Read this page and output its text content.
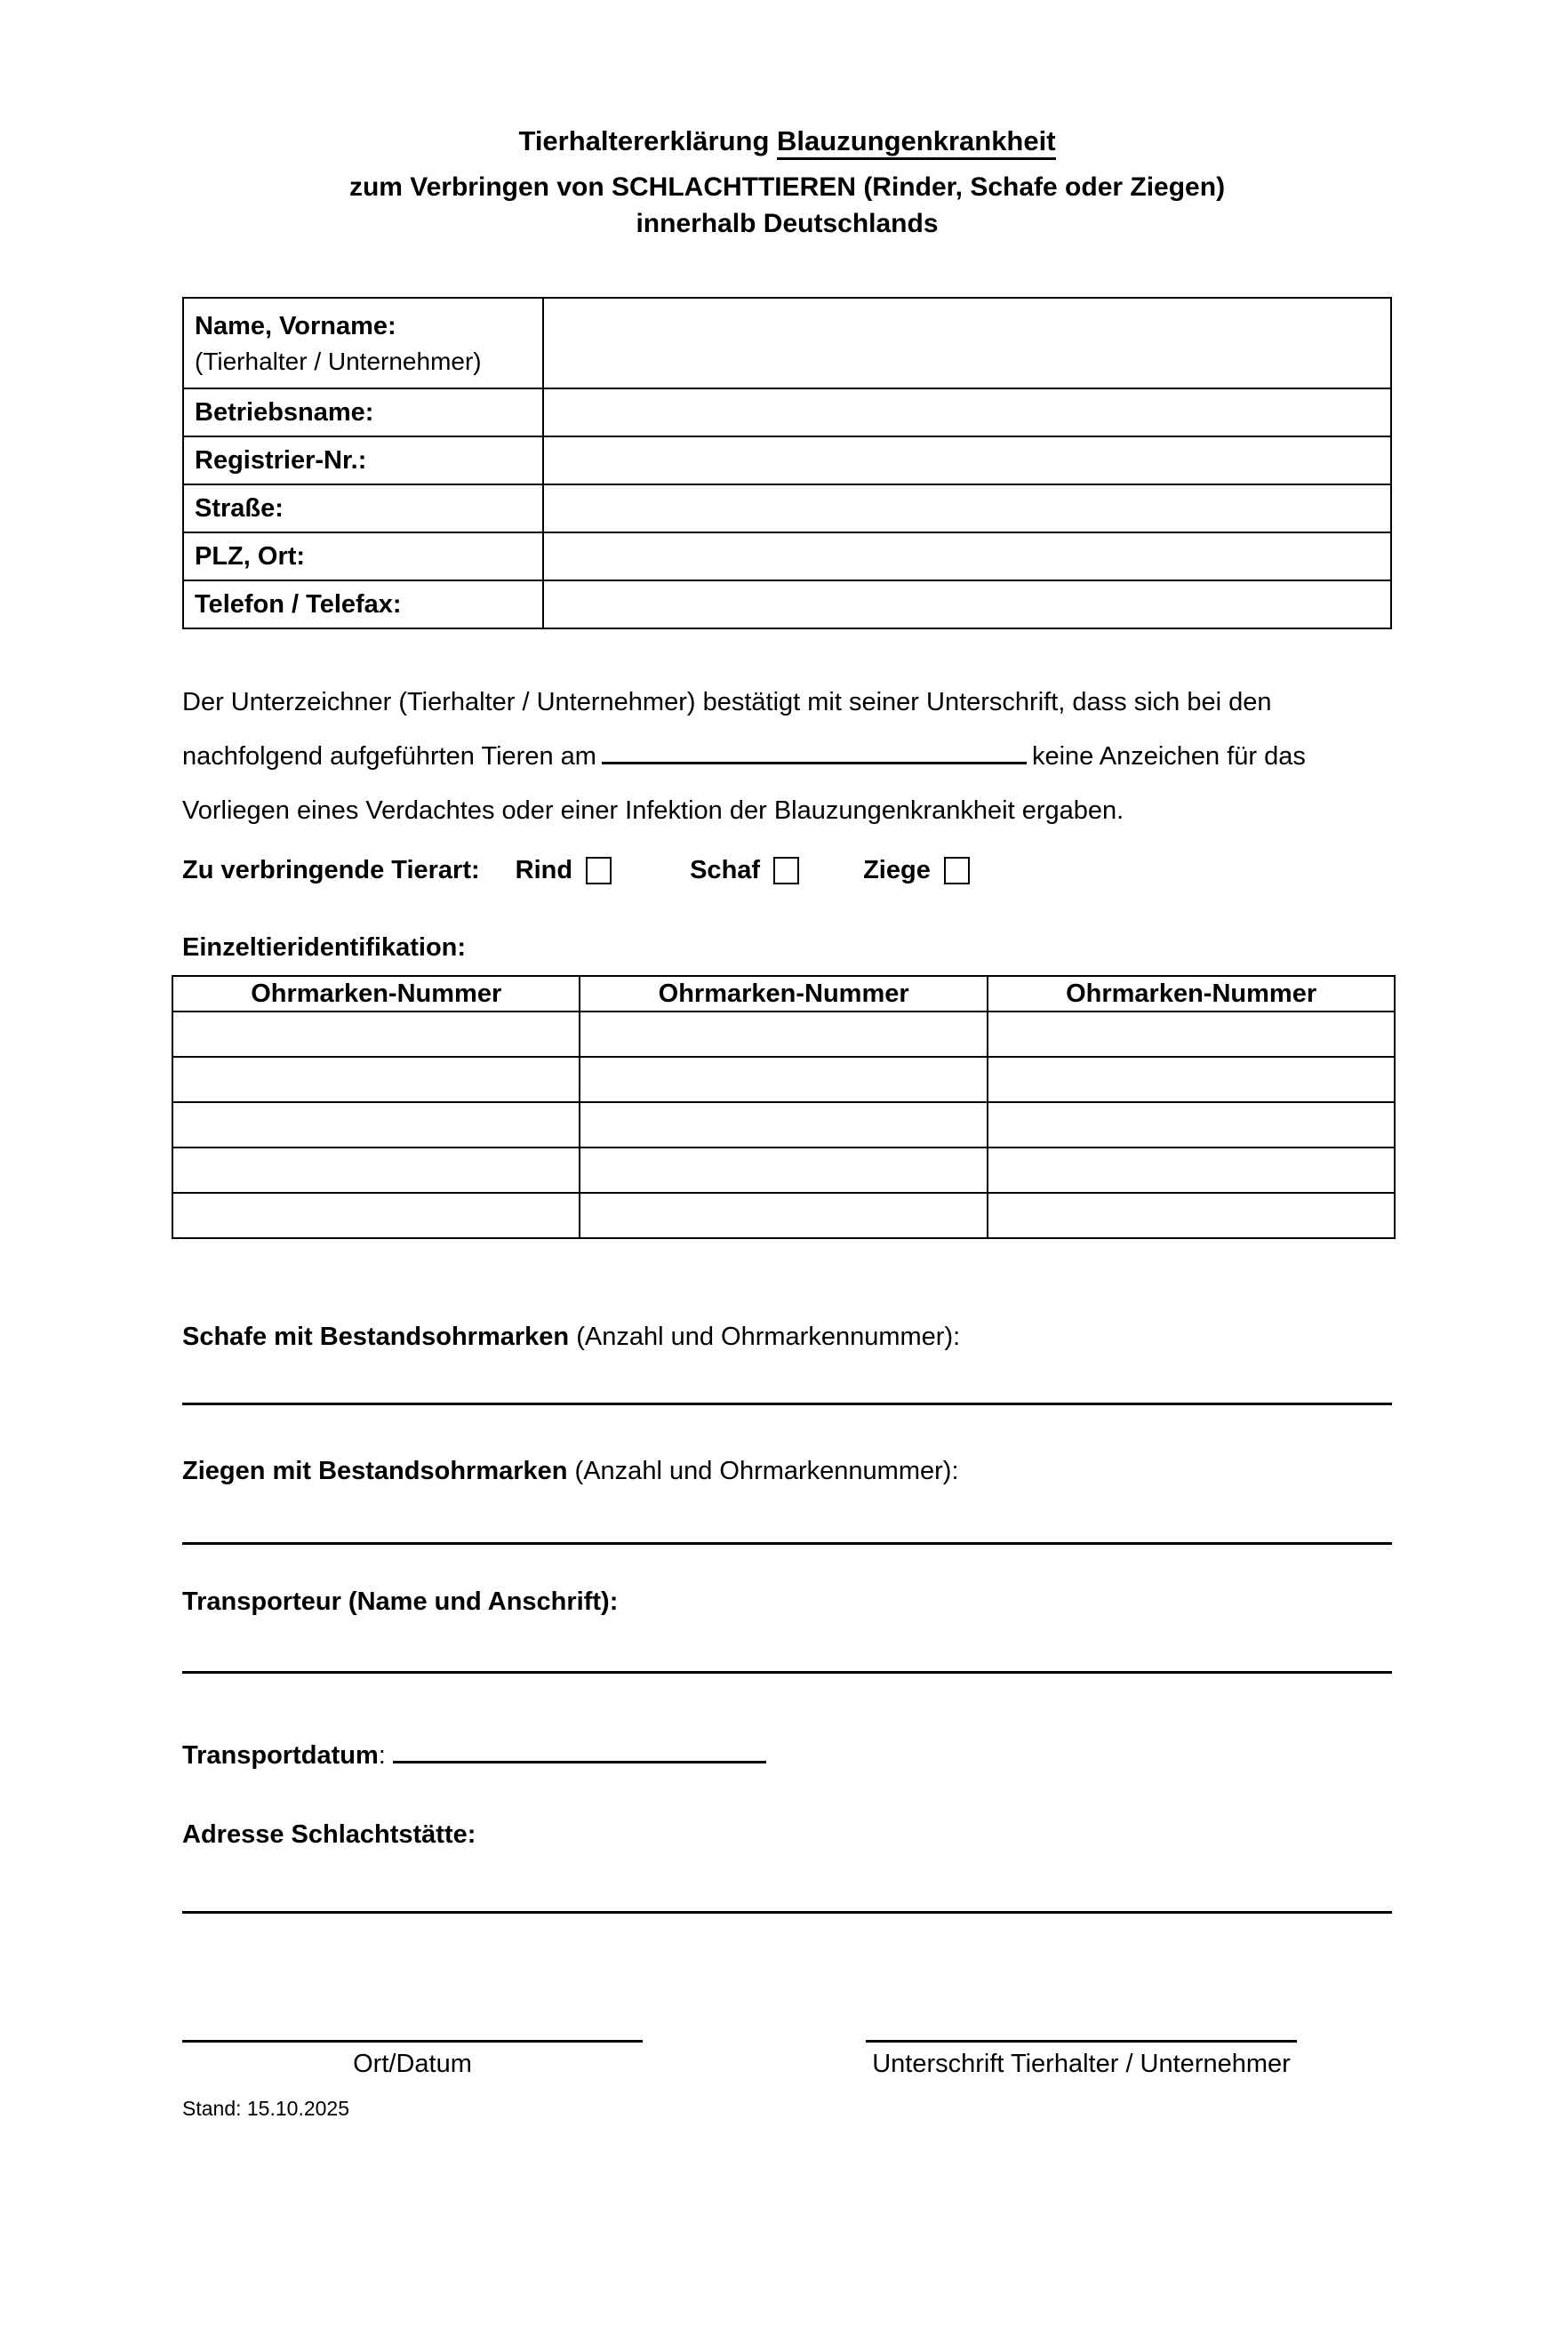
Tierhaltererklärung Blauzungenkrankheit
zum Verbringen von SCHLACHTTIEREN (Rinder, Schafe oder Ziegen)
innerhalb Deutschlands
Name, Vorname:
(Tierhalter / Unternehmer)	

Betriebsname:	
Registrier-Nr.:	
Straße:	
PLZ, Ort:	
Telefon / Telefax:	
Der Unterzeichner (Tierhalter / Unternehmer) bestätigt mit seiner Unterschrift, dass sich bei den nachfolgend aufgeführten Tieren am	keine Anzeichen für das Vorliegen eines Verdachtes oder einer Infektion der Blauzungenkrankheit ergaben.
Zu verbringende Tierart: Rind	Schaf	Ziege
Einzeltieridentifikation:
Ohrmarken-Nummer	Ohrmarken-Nummer	Ohrmarken-Nummer

Schafe mit Bestandsohrmarken (Anzahl und Ohrmarkennummer):
Ziegen mit Bestandsohrmarken (Anzahl und Ohrmarkennummer):
Transporteur (Name und Anschrift):
Transportdatum:
Adresse Schlachtstätte:
Ort/Datum	Unterschrift Tierhalter / Unternehmer
Stand: 15.10.2025
